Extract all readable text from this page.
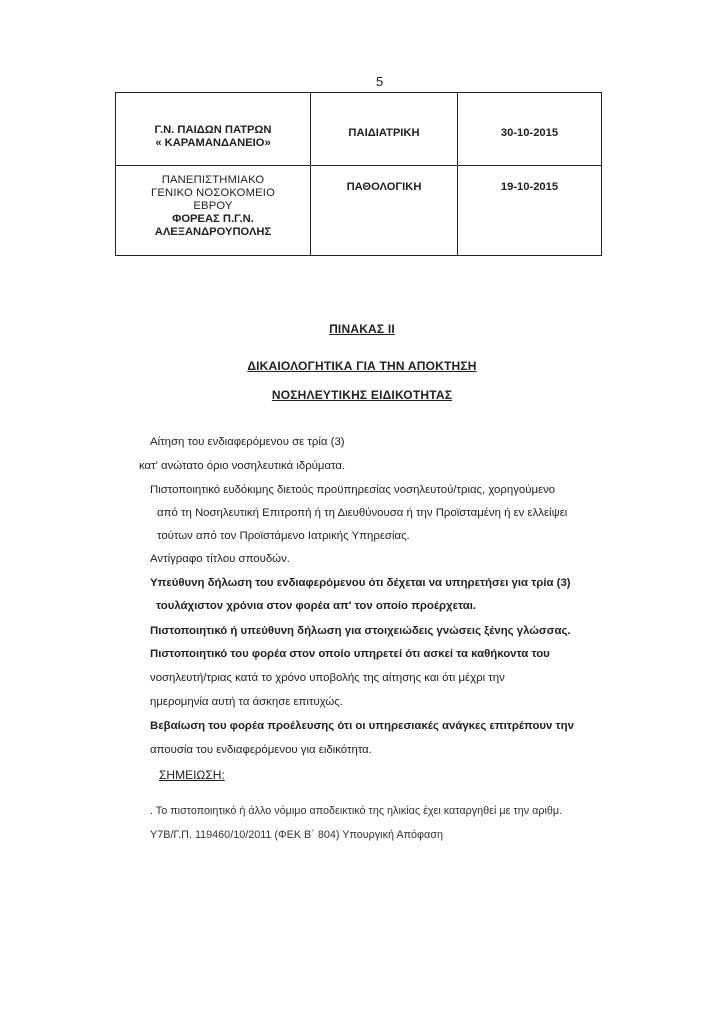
5
Γ.Ν. ΠΑΙΔΩΝ ΠΑΤΡΩΝ
« ΚΑΡΑΜΑΝΔΑΝΕΙΟ»	ΠΑΙΔΙΑΤΡΙΚΗ	30-10-2015

ΠΑΝΕΠΙΣΤΗΜΙΑΚΟ
ΓΕΝΙΚΟ ΝΟΣΟΚΟΜΕΙΟ
ΕΒΡΟΥ
ΦΟΡΕΑΣ Π.Γ.Ν.
ΑΛΕΞΑΝΔΡΟΥΠΟΛΗΣ	ΠΑΘΟΛΟΓΙΚΗ	19-10-2015
ΠΙΝΑΚΑΣ ΙΙ
ΔΙΚΑΙΟΛΟΓΗΤΙΚΑ ΓΙΑ ΤΗΝ ΑΠΟΚΤΗΣΗ
ΝΟΣΗΛΕΥΤΙΚΗΣ ΕΙΔΙΚΟΤΗΤΑΣ
Αίτηση του ενδιαφερόμενου σε τρία (3)
κατ' ανώτατο όριο νοσηλευτικά ιδρύματα.
Πιστοποιητικό ευδόκιμης διετούς προϋπηρεσίας νοσηλευτού/τριας, χορηγούμενο
από τη Νοσηλευτική Επιτροπή ή τη Διευθύνουσα ή την Προϊσταμένη ή εν ελλείψει
τούτων από τον Προϊστάμενο Ιατρικής Υπηρεσίας.
Αντίγραφο τίτλου σπουδών.
Υπεύθυνη δήλωση του ενδιαφερόμενου ότι δέχεται να υπηρετήσει για τρία (3)
τουλάχιστον χρόνια στον φορέα απ' τον οποίο προέρχεται.
Πιστοποιητικό ή υπεύθυνη δήλωση για στοιχειώδεις γνώσεις ξένης γλώσσας.
Πιστοποιητικό του φορέα στον οποίο υπηρετεί ότι ασκεί τα καθήκοντα του
νοσηλευτή/τριας κατά το χρόνο υποβολής της αίτησης και ότι μέχρι την
ημερομηνία αυτή τα άσκησε επιτυχώς.
Βεβαίωση του φορέα προέλευσης ότι οι υπηρεσιακές ανάγκες επιτρέπουν την
απουσία του ενδιαφερόμενου για ειδικότητα.
ΣΗΜΕΙΩΣΗ:
. Το πιστοποιητικό ή άλλο νόμιμο αποδεικτικό της ηλικίας έχει καταργηθεί με την αριθμ.
Υ7Β/Γ.Π. 119460/10/2011 (ΦΕΚ Β΄ 804) Υπουργική Απόφαση
